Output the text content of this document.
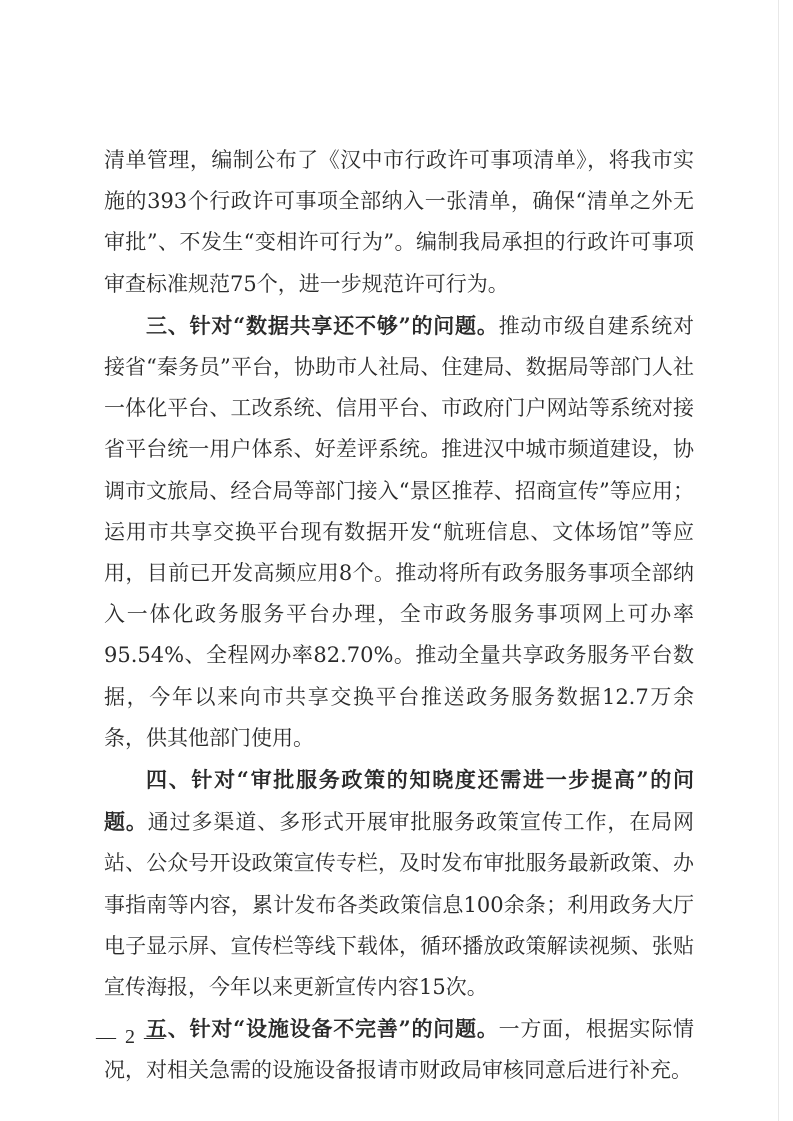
清单管理，编制公布了《汉中市行政许可事项清单》，将我市实施的393个行政许可事项全部纳入一张清单，确保“清单之外无审批”、不发生“变相许可行为”。编制我局承担的行政许可事项审查标准规范75个，进一步规范许可行为。

三、针对“数据共享还不够”的问题。推动市级自建系统对接省“秦务员”平台，协助市人社局、住建局、数据局等部门人社一体化平台、工改系统、信用平台、市政府门户网站等系统对接省平台统一用户体系、好差评系统。推进汉中城市频道建设，协调市文旅局、经合局等部门接入“景区推荐、招商宣传”等应用；运用市共享交换平台现有数据开发“航班信息、文体场馆”等应用，目前已开发高频应用8个。推动将所有政务服务事项全部纳入一体化政务服务平台办理，全市政务服务事项网上可办率95.54%、全程网办率82.70%。推动全量共享政务服务平台数据，今年以来向市共享交换平台推送政务服务数据12.7万余条，供其他部门使用。

四、针对“审批服务政策的知晓度还需进一步提高”的问题。通过多渠道、多形式开展审批服务政策宣传工作，在局网站、公众号开设政策宣传专栏，及时发布审批服务最新政策、办事指南等内容，累计发布各类政策信息100余条；利用政务大厅电子显示屏、宣传栏等线下载体，循环播放政策解读视频、张贴宣传海报，今年以来更新宣传内容15次。

五、针对“设施设备不完善”的问题。一方面，根据实际情况，对相关急需的设施设备报请市财政局审核同意后进行补充。

— 2 —
